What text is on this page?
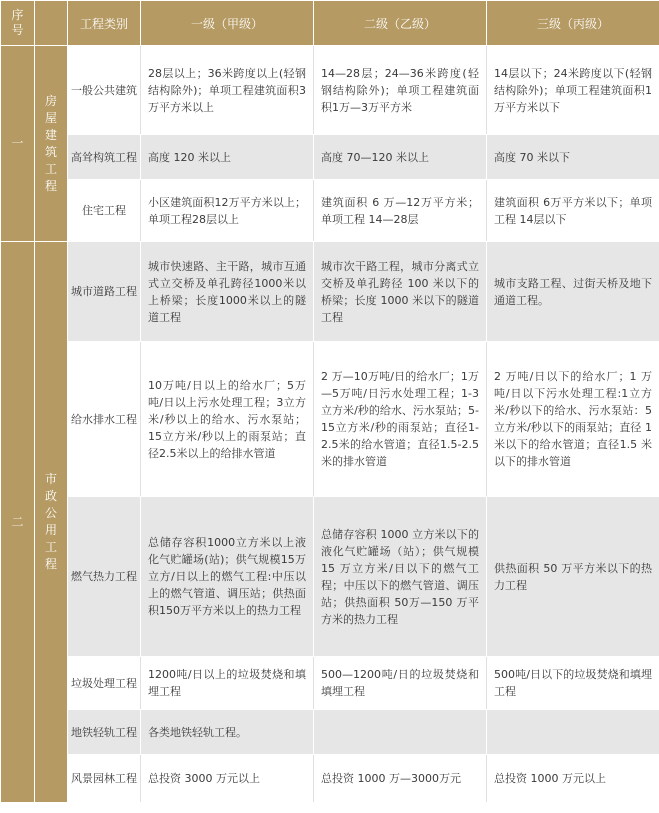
序号		工程类别	一级（甲级）	二级（乙级）	三级（丙级）
一	房屋建筑工程	一般公共建筑	28层以上；36米跨度以上(轻钢结构除外)；单项工程建筑面积3万平方米以上	14—28层；24—36米跨度(轻钢结构除外)；单项工程建筑面积1万—3万平方米	14层以下；24米跨度以下(轻钢结构除外)；单项工程建筑面积1万平方米以下
		高耸构筑工程	高度 120 米以上	高度 70—120 米以上	高度 70 米以下
		住宅工程	小区建筑面积12万平方米以上；单项工程28层以上	建筑面积 6 万—12万平方米；单项工程 14—28层	建筑面积 6万平方米以下；单项工程 14层以下
二	市政公用工程	城市道路工程	城市快速路、主干路，城市互通式立交桥及单孔跨径1000米以上桥梁；长度1000米以上的隧道工程	城市次干路工程，城市分离式立交桥及单孔跨径 100 米以下的桥梁；长度 1000 米以下的隧道工程	城市支路工程、过街天桥及地下通道工程。
		给水排水工程	10万吨/日以上的给水厂；5万吨/日以上污水处理工程；3立方米/秒以上的给水、污水泵站；15立方米/秒以上的雨泵站；直径2.5米以上的给排水管道	2 万—10万吨/日的给水厂；1万—5万吨/日污水处理工程；1-3立方米/秒的给水、污水泵站；5-15立方米/秒的雨泵站；直径1-2.5米的给水管道；直径1.5-2.5米的排水管道	2 万吨/日以下的给水厂；1 万吨/日以下污水处理工程:1立方米/秒以下的给水、污水泵站：5 立方米/秒以下的雨泵站；直径 1 米以下的给水管道；直径1.5 米以下的排水管道
		燃气热力工程	总储存容积1000立方米以上液化气贮罐场(站)；供气规模15万立方/日以上的燃气工程:中压以上的燃气管道、调压站；供热面积150万平方米以上的热力工程	总储存容积 1000 立方米以下的液化气贮罐场（站）；供气规模 15 万立方米/日以下的燃气工程；中压以下的燃气管道、调压站；供热面积 50万—150 万平方米的热力工程	供热面积 50 万平方米以下的热力工程
		垃圾处理工程	1200吨/日以上的垃圾焚烧和填埋工程	500—1200吨/日的垃圾焚烧和填埋工程	500吨/日以下的垃圾焚烧和填埋工程
		地铁轻轨工程	各类地铁轻轨工程。		
		风景园林工程	总投资 3000 万元以上	总投资 1000 万—3000万元	总投资 1000 万元以上
